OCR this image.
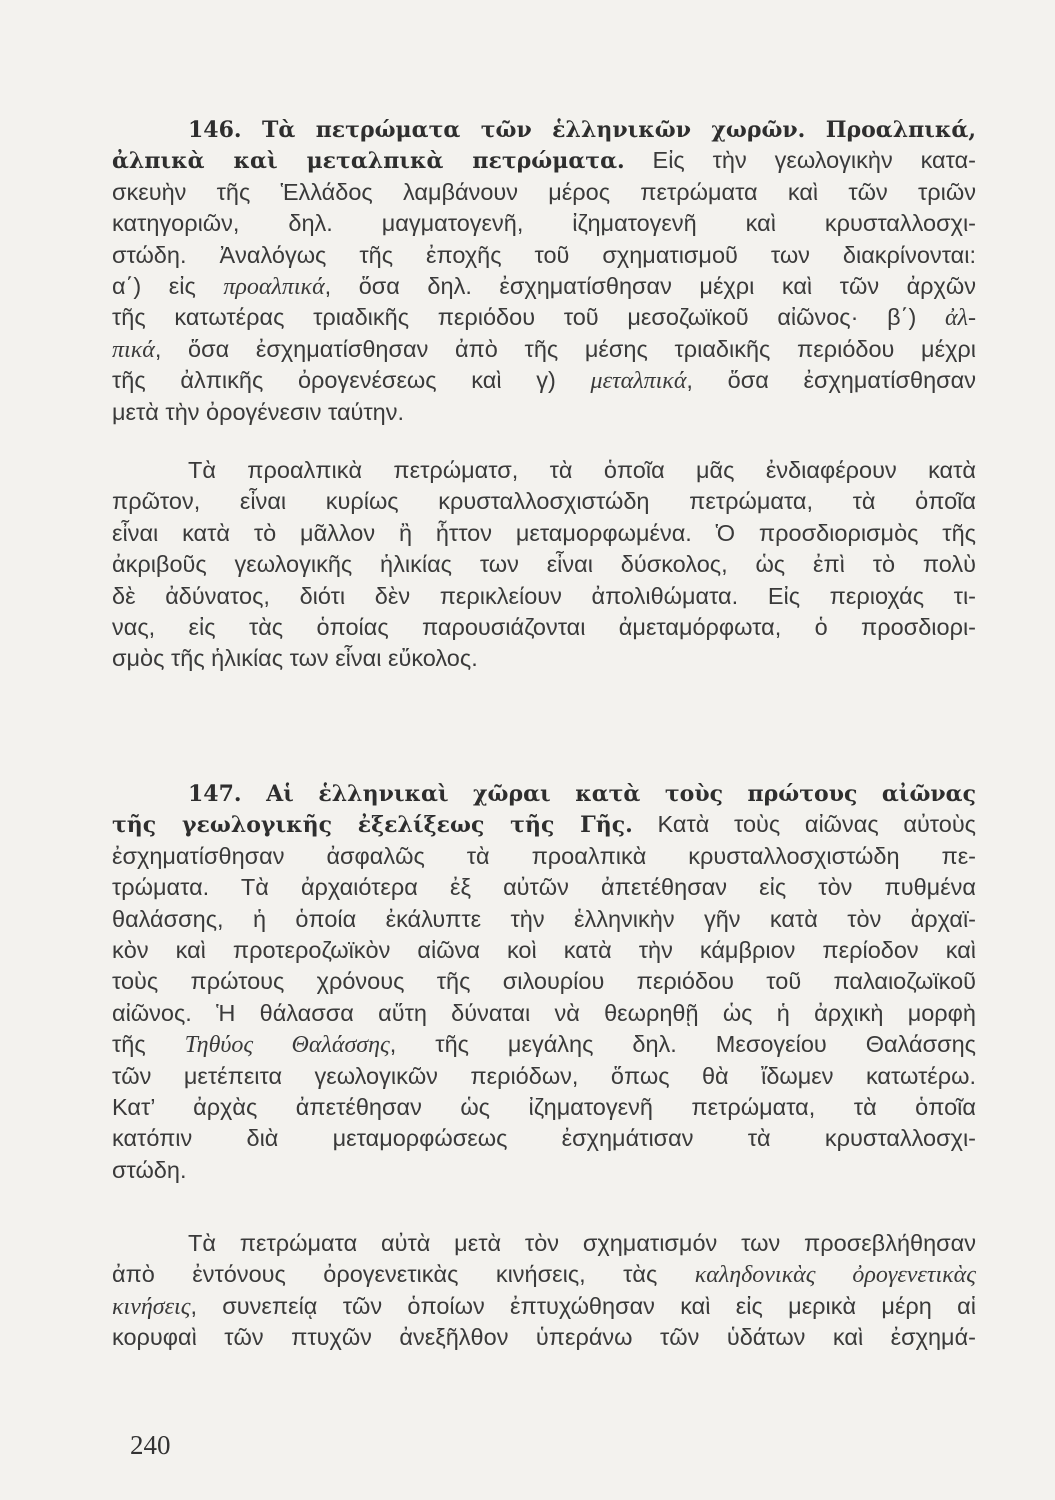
146. Τὰ πετρώματα τῶν ἑλληνικῶν χωρῶν. Προαλπικά,
ἀλπικὰ καὶ μεταλπικὰ πετρώματα. Εἰς τὴν γεωλογικὴν κατα-
σκευὴν τῆς Ἑλλάδος λαμβάνουν μέρος πετρώματα καὶ τῶν τριῶν
κατηγοριῶν, δηλ. μαγματογενῆ, ἰζηματογενῆ καὶ κρυσταλλοσχι-
στώδη. Ἀναλόγως τῆς ἐποχῆς τοῦ σχηματισμοῦ των διακρίνονται:
α΄) εἰς προαλπικά, ὅσα δηλ. ἐσχηματίσθησαν μέχρι καὶ τῶν ἀρχῶν
τῆς κατωτέρας τριαδικῆς περιόδου τοῦ μεσοζωϊκοῦ αἰῶνος· β΄) ἀλ-
πικά, ὅσα ἐσχηματίσθησαν ἀπὸ τῆς μέσης τριαδικῆς περιόδου μέχρι
τῆς ἀλπικῆς ὀρογενέσεως καὶ γ) μεταλπικά, ὅσα ἐσχηματίσθησαν
μετὰ τὴν ὀρογένεσιν ταύτην.
Τὰ προαλπικὰ πετρώματσ, τὰ ὁποῖα μᾶς ἐνδιαφέρουν κατὰ
πρῶτον, εἶναι κυρίως κρυσταλλοσχιστώδη πετρώματα, τὰ ὁποῖα
εἶναι κατὰ τὸ μᾶλλον ἢ ἧττον μεταμορφωμένα. Ὁ προσδιορισμὸς τῆς
ἀκριβοῦς γεωλογικῆς ἡλικίας των εἶναι δύσκολος, ὡς ἐπὶ τὸ πολὺ
δὲ ἀδύνατος, διότι δὲν περικλείουν ἀπολιθώματα. Εἰς περιοχάς τι-
νας, εἰς τὰς ὁποίας παρουσιάζονται ἀμεταμόρφωτα, ὁ προσδιορι-
σμὸς τῆς ἡλικίας των εἶναι εὔκολος.
147. Αἱ ἑλληνικαὶ χῶραι κατὰ τοὺς πρώτους αἰῶνας
τῆς γεωλογικῆς ἐξελίξεως τῆς Γῆς. Κατὰ τοὺς αἰῶνας αὐτοὺς
ἐσχηματίσθησαν ἀσφαλῶς τὰ προαλπικὰ κρυσταλλοσχιστώδη πε-
τρώματα. Τὰ ἀρχαιότερα ἐξ αὐτῶν ἀπετέθησαν εἰς τὸν πυθμένα
θαλάσσης, ἡ ὁποία ἐκάλυπτε τὴν ἑλληνικὴν γῆν κατὰ τὸν ἀρχαϊ-
κὸν καὶ προτεροζωϊκὸν αἰῶνα κοὶ κατὰ τὴν κάμβριον περίοδον καὶ
τοὺς πρώτους χρόνους τῆς σιλουρίου περιόδου τοῦ παλαιοζωϊκοῦ
αἰῶνος. Ἡ θάλασσα αὕτη δύναται νὰ θεωρηθῇ ὡς ἡ ἀρχικὴ μορφὴ
τῆς Τηθύος Θαλάσσης, τῆς μεγάλης δηλ. Μεσογείου Θαλάσσης
τῶν μετέπειτα γεωλογικῶν περιόδων, ὅπως θὰ ἴδωμεν κατωτέρω.
Κατ’ ἀρχὰς ἀπετέθησαν ὡς ἰζηματογενῆ πετρώματα, τὰ ὁποῖα
κατόπιν διὰ μεταμορφώσεως ἐσχημάτισαν τὰ κρυσταλλοσχι-
στώδη.
Τὰ πετρώματα αὐτὰ μετὰ τὸν σχηματισμόν των προσεβλήθησαν
ἀπὸ ἐντόνους ὀρογενετικὰς κινήσεις, τὰς καληδονικὰς ὀρογενετικὰς
κινήσεις, συνεπείᾳ τῶν ὁποίων ἐπτυχώθησαν καὶ εἰς μερικὰ μέρη αἱ
κορυφαὶ τῶν πτυχῶν ἀνεξῆλθον ὑπεράνω τῶν ὑδάτων καὶ ἐσχημά-
240
